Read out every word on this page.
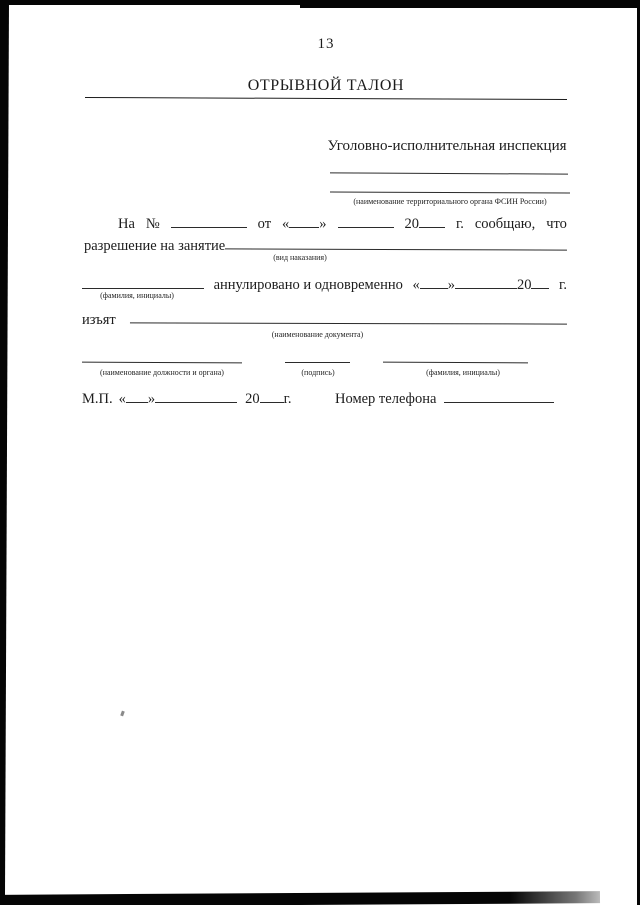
13
ОТРЫВНОЙ ТАЛОН
Уголовно-исполнительная инспекция
(наименование территориального органа ФСИН России)
На №	от « »	20	г. сообщаю, что
разрешение на занятие
(вид наказания)
аннулировано и одновременно « »	20	г.
(фамилия, инициалы)
изъят
(наименование документа)
(наименование должности и органа)	(подпись)	(фамилия, инициалы)
М.П. « »	20 г.	Номер телефона
